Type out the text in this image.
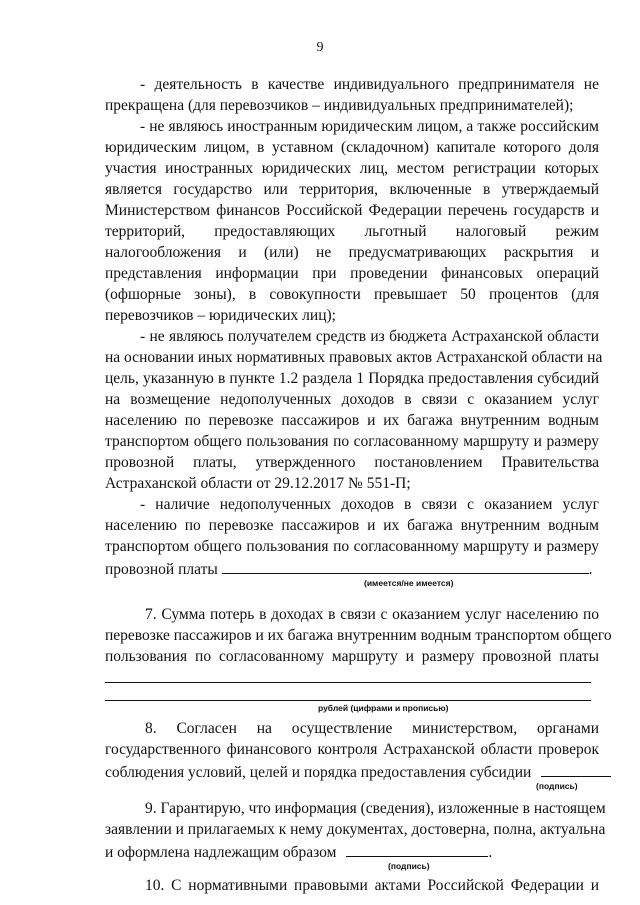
9
- деятельность в качестве индивидуального предпринимателя не
прекращена (для перевозчиков – индивидуальных предпринимателей);
- не являюсь иностранным юридическим лицом, а также российским
юридическим лицом, в уставном (складочном) капитале которого доля
участия иностранных юридических лиц, местом регистрации которых
является государство или территория, включенные в утверждаемый
Министерством финансов Российской Федерации перечень государств и
территорий, предоставляющих льготный налоговый режим
налогообложения и (или) не предусматривающих раскрытия и
представления информации при проведении финансовых операций
(офшорные зоны), в совокупности превышает 50 процентов (для
перевозчиков – юридических лиц);
- не являюсь получателем средств из бюджета Астраханской области
на основании иных нормативных правовых актов Астраханской области на
цель, указанную в пункте 1.2 раздела 1 Порядка предоставления субсидий
на возмещение недополученных доходов в связи с оказанием услуг
населению по перевозке пассажиров и их багажа внутренним водным
транспортом общего пользования по согласованному маршруту и размеру
провозной платы, утвержденного постановлением Правительства
Астраханской области от 29.12.2017 № 551-П;
- наличие недополученных доходов в связи с оказанием услуг
населению по перевозке пассажиров и их багажа внутренним водным
транспортом общего пользования по согласованному маршруту и размеру
провозной платы	.
(имеется/не имеется)
7. Сумма потерь в доходах в связи с оказанием услуг населению по
перевозке пассажиров и их багажа внутренним водным транспортом общего
пользования по согласованному маршруту и размеру провозной платы
рублей (цифрами и прописью)
8. Согласен на осуществление министерством, органами
государственного финансового контроля Астраханской области проверок
соблюдения условий, целей и порядка предоставления субсидии
(подпись)
9. Гарантирую, что информация (сведения), изложенные в настоящем
заявлении и прилагаемых к нему документах, достоверна, полна, актуальна
и оформлена надлежащим образом	.
(подпись)
10. С нормативными правовыми актами Российской Федерации и
